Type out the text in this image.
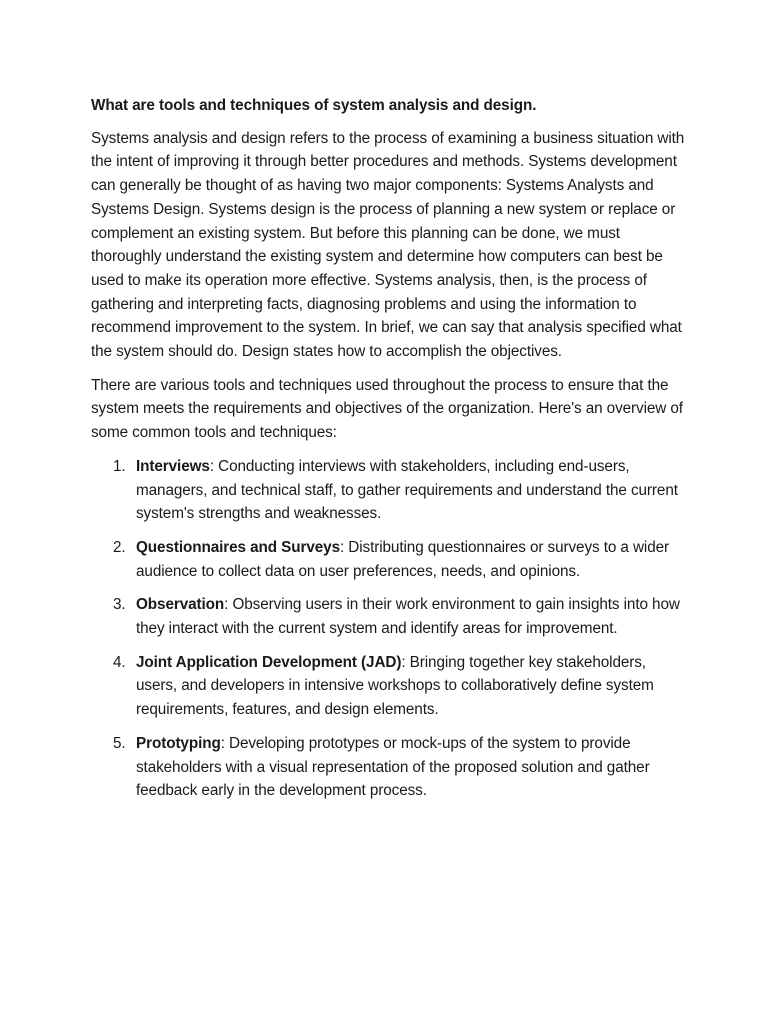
What are tools and techniques of system analysis and design.

Systems analysis and design refers to the process of examining a business situation with the intent of improving it through better procedures and methods. Systems development can generally be thought of as having two major components: Systems Analysts and Systems Design. Systems design is the process of planning a new system or replace or complement an existing system. But before this planning can be done, we must thoroughly understand the existing system and determine how computers can best be used to make its operation more effective. Systems analysis, then, is the process of gathering and interpreting facts, diagnosing problems and using the information to recommend improvement to the system. In brief, we can say that analysis specified what the system should do. Design states how to accomplish the objectives.

There are various tools and techniques used throughout the process to ensure that the system meets the requirements and objectives of the organization. Here's an overview of some common tools and techniques:

1. Interviews: Conducting interviews with stakeholders, including end-users, managers, and technical staff, to gather requirements and understand the current system's strengths and weaknesses.
2. Questionnaires and Surveys: Distributing questionnaires or surveys to a wider audience to collect data on user preferences, needs, and opinions.
3. Observation: Observing users in their work environment to gain insights into how they interact with the current system and identify areas for improvement.
4. Joint Application Development (JAD): Bringing together key stakeholders, users, and developers in intensive workshops to collaboratively define system requirements, features, and design elements.
5. Prototyping: Developing prototypes or mock-ups of the system to provide stakeholders with a visual representation of the proposed solution and gather feedback early in the development process.
